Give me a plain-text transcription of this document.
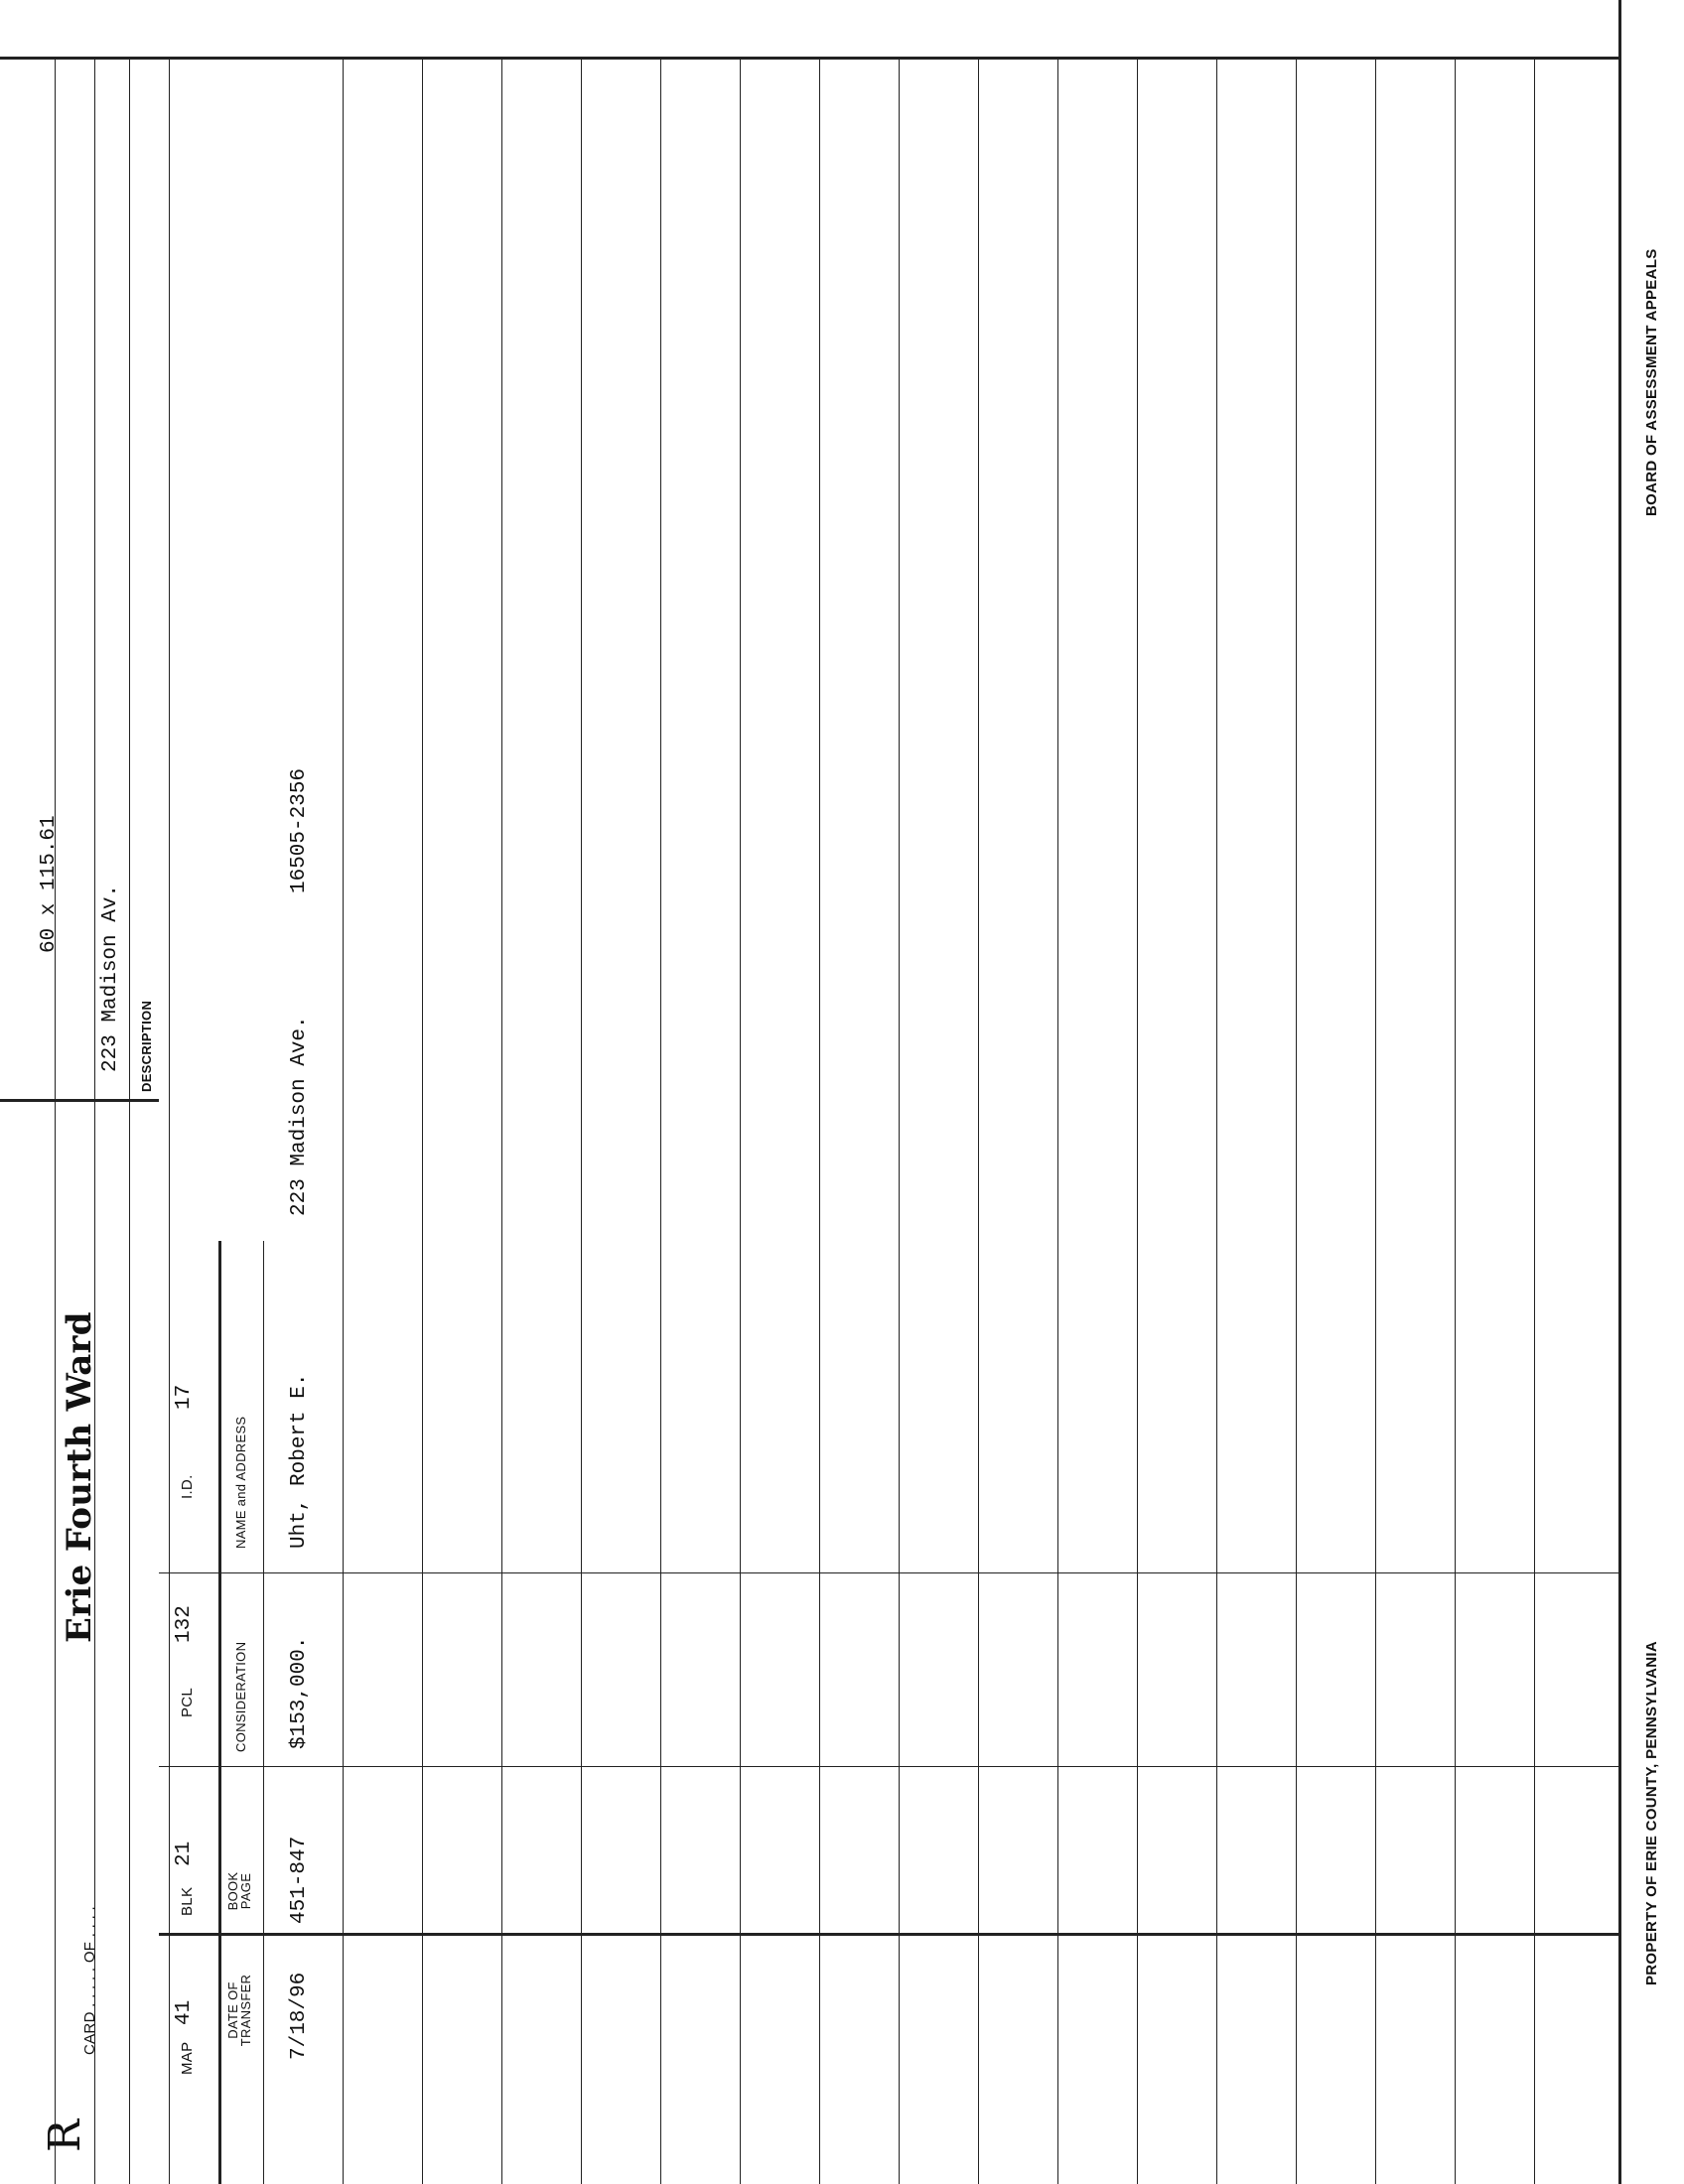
R
CARD . . . . . OF . . . .
Erie Fourth Ward
DESCRIPTION
223 Madison Av.
60 x 115.61
MAP
41
BLK
21
PCL
132
I.D.
17
DATE OF TRANSFER
BOOK PAGE
CONSIDERATION
NAME and ADDRESS
7/18/96
451-847
$153,000.
Uht, Robert E.
223 Madison Ave.
16505-2356
PROPERTY OF ERIE COUNTY, PENNSYLVANIA
BOARD OF ASSESSMENT APPEALS
